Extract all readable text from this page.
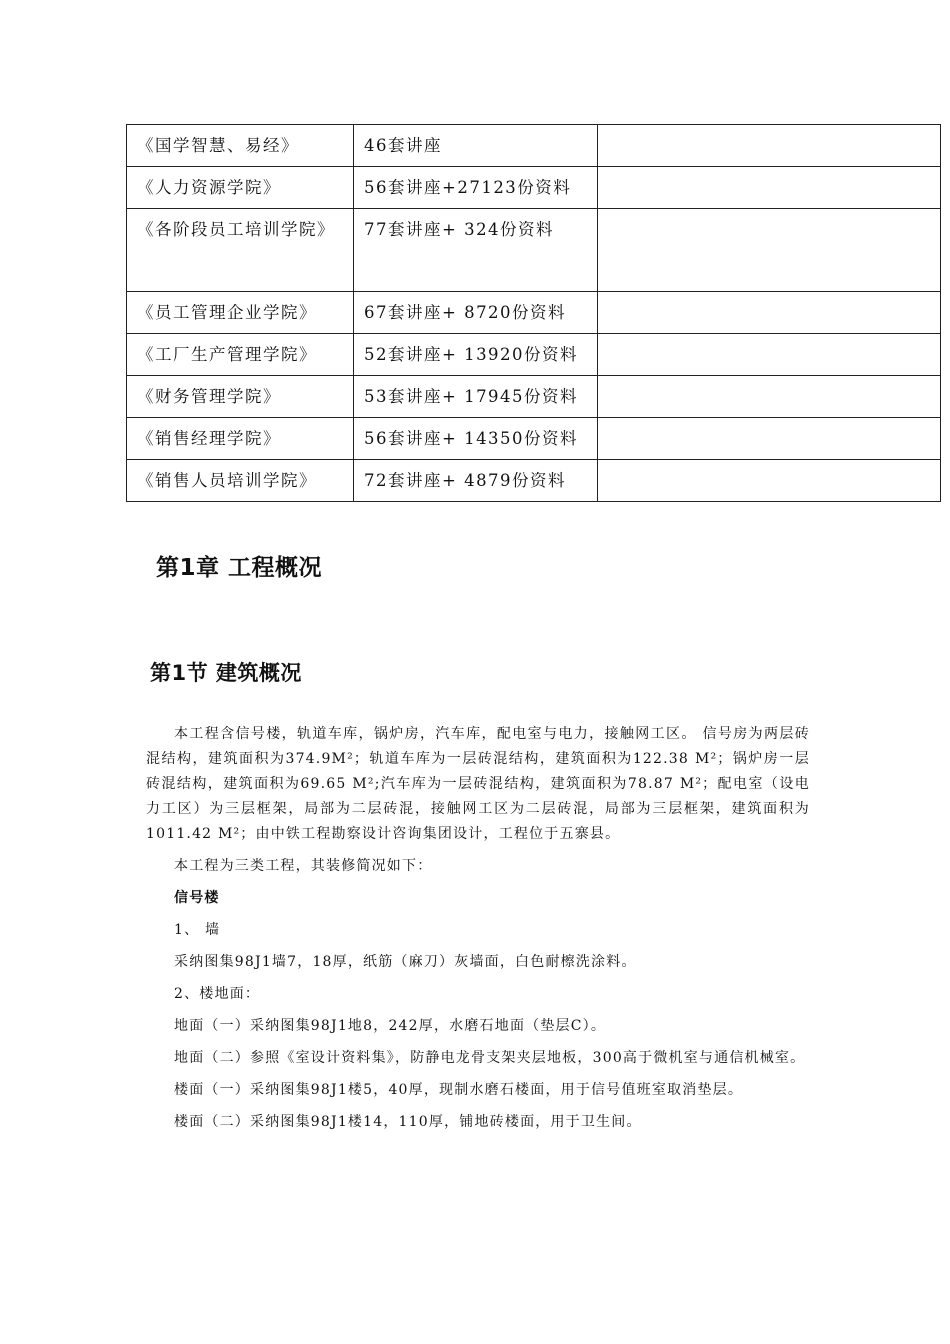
《国学智慧、易经》	46套讲座	
《人力资源学院》	56套讲座+27123份资料	
《各阶段员工培训学院》	77套讲座+ 324份资料	
《员工管理企业学院》	67套讲座+ 8720份资料	
《工厂生产管理学院》	52套讲座+ 13920份资料	
《财务管理学院》	53套讲座+ 17945份资料	
《销售经理学院》	56套讲座+ 14350份资料	
《销售人员培训学院》	72套讲座+ 4879份资料	
第1章 工程概况
第1节 建筑概况

本工程含信号楼，轨道车库，锅炉房，汽车库，配电室与电力，接触网工区。 信号房为两层砖混结构，建筑面积为374.9M²；轨道车库为一层砖混结构，建筑面积为122.38 M²；锅炉房一层砖混结构，建筑面积为69.65 M²;汽车库为一层砖混结构，建筑面积为78.87 M²；配电室（设电力工区）为三层框架，局部为二层砖混，接触网工区为二层砖混，局部为三层框架，建筑面积为1011.42 M²；由中铁工程勘察设计咨询集团设计，工程位于五寨县。

本工程为三类工程，其装修简况如下：

信号楼

1、 墙

采纳图集98J1墙7，18厚，纸筋（麻刀）灰墙面，白色耐檫洗涂料。

2、楼地面：

地面（一）采纳图集98J1地8，242厚，水磨石地面（垫层C）。

地面（二）参照《室设计资料集》，防静电龙骨支架夹层地板，300高于微机室与通信机械室。

楼面（一）采纳图集98J1楼5，40厚，现制水磨石楼面，用于信号值班室取消垫层。

楼面（二）采纳图集98J1楼14，110厚，铺地砖楼面，用于卫生间。
